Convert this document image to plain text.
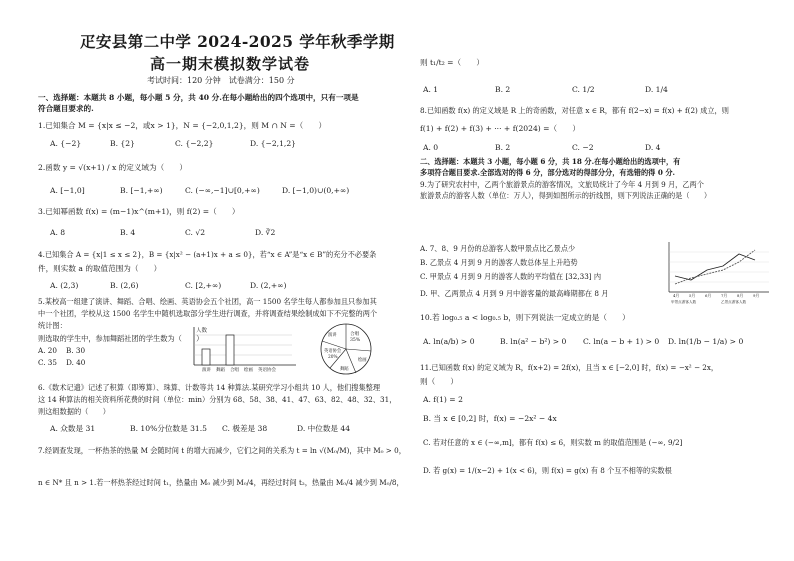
疋安县第二中学 2024-2025 学年秋季学期
高一期末模拟数学试卷
考试时间：120 分钟　试卷满分：150 分
一、选择题：本题共 8 小题，每小题 5 分，共 40 分.在每小题给出的四个选项中，只有一项是
符合题目要求的.
1.已知集合 M = {x|x ≤ −2，或x > 1}，N = {−2,0,1,2}，则 M ∩ N =（　　）
A. {−2}	B. {2}	C. {−2,2}	D. {−2,1,2}
2.函数 y = √(x+1) / x 的定义域为（　　）
A. [−1,0]	B. [−1,+∞)	C. (−∞,−1]∪[0,+∞)	D. [−1,0)∪(0,+∞)
3.已知幂函数 f(x) = (m−1)x^(m+1)，则 f(2) =（　　）
A. 8	B. 4	C. √2	D. ∛2
4.已知集合 A = {x|1 ≤ x ≤ 2}，B = {x|x² − (a+1)x + a ≤ 0}，若“x ∈ A”是“x ∈ B”的充分不必要条
件，则实数 a 的取值范围为（　　）
A. (2,3)	B. (2,6)	C. [2,+∞)	D. (2,+∞)
5.某校高一组建了演讲、舞蹈、合唱、绘画、英语协会五个社团，高一 1500 名学生每人都参加且只参加其
中一个社团，学校从这 1500 名学生中随机选取部分学生进行调查，并将调查结果绘制成如下不完整的两个
统计图：
则选取的学生中，参加舞蹈社团的学生数为（　　）
A. 20 B. 30
C. 35 D. 40
人数
演讲 舞蹈 合唱 绘画 英语协会
合唱
35%
英语协会
20%
演讲
绘画
舞蹈
6.《数术记遗》记述了积算（即筹算）、珠算、计数等共 14 种算法.某研究学习小组共 10 人，他们搜集整理
这 14 种算法的相关资料所花费的时间（单位：min）分别为 68、58、38、41、47、63、82、48、32、31，
则这组数据的（　　）
A. 众数是 31	B. 10%分位数是 31.5 C. 极差是 38	D. 中位数是 44
7.经调查发现，一杯热茶的热量 M 会随时间 t 的增大而减少，它们之间的关系为 t = ln √(M₀/M)，其中 M₀ > 0，
n ∈ N* 且 n > 1.若一杯热茶经过时间 t₁，热量由 M₀ 减少到 M₀/4，再经过时间 t₂，热量由 M₀/4 减少到 M₀/8，
则 t₁/t₂ =（　　）
A. 1	B. 2	C. 1/2	D. 1/4
8.已知函数 f(x) 的定义域是 R 上的奇函数，对任意 x ∈ R，都有 f(2−x) = f(x) + f(2) 成立，则
f(1) + f(2) + f(3) + ··· + f(2024) =（　　）
A. 0	B. 2	C. −2	D. 4
二、选择题：本题共 3 小题，每小题 6 分，共 18 分.在每小题给出的选项中，有
多项符合题目要求.全部选对的得 6 分，部分选对的得部分分，有选错的得 0 分.
9.为了研究农村中，乙两个旅游景点的游客情况，文旅局统计了今年 4 月到 9 月，乙两个
旅游景点的游客人数（单位：万人），得到如图所示的折线图，则下列说法正确的是（　　）
A. 7、8、9 月份的总游客人数甲景点比乙景点少
B. 乙景点 4 月到 9 月的游客人数总体呈上升趋势
C. 甲景点 4 月到 9 月的游客人数的平均值在 [32,33] 内
D. 甲、乙两景点 4 月到 9 月中游客量的最高峰期都在 8 月	4月	5月	6月	7月	8月	9月
甲景点游客人数	乙景点游客人数
10.若 log₀.₅ a < log₀.₅ b，则下列说法一定成立的是（　　）
A. ln(a/b) > 0	B. ln(a² − b²) > 0 C. ln(a − b + 1) > 0 D. ln(1/b − 1/a) > 0
11.已知函数 f(x) 的定义域为 R，f(x+2) = 2f(x)，且当 x ∈ [−2,0] 时，f(x) = −x² − 2x，
则（　　）
A. f(1) = 2
B. 当 x ∈ [0,2] 时，f(x) = −2x² − 4x
C. 若对任意的 x ∈ (−∞,m]，都有 f(x) ≤ 6，则实数 m 的取值范围是 (−∞, 9/2]
D. 若 g(x) = 1/(x−2) + 1(x < 6)，则 f(x) = g(x) 有 8 个互不相等的实数根
